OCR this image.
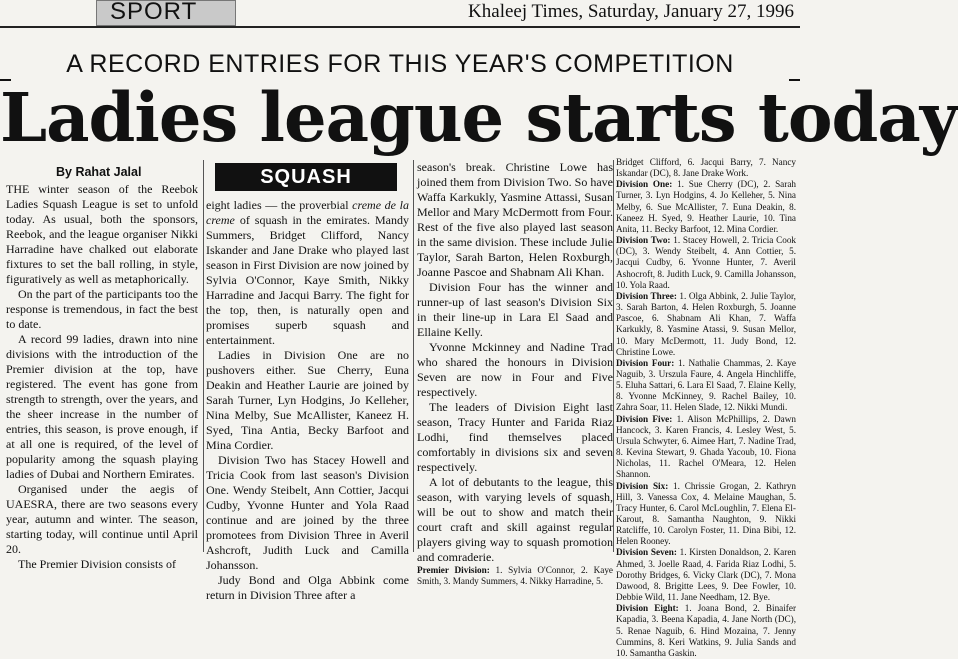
SPORT	Khaleej Times, Saturday, January 27, 1996
A RECORD ENTRIES FOR THIS YEAR'S COMPETITION
Ladies league starts today
By Rahat Jalal

THE winter season of the Reebok Ladies Squash League is set to unfold today. As usual, both the sponsors, Reebok, and the league organiser Nikki Harradine have chalked out elaborate fixtures to set the ball rolling, in style, figuratively as well as metaphorically.

On the part of the participants too the response is tremendous, in fact the best to date.

A record 99 ladies, drawn into nine divisions with the introduction of the Premier division at the top, have registered. The event has gone from strength to strength, over the years, and the sheer increase in the number of entries, this season, is prove enough, if at all one is required, of the level of popularity among the squash playing ladies of Dubai and Northern Emirates.

Organised under the aegis of UAESRA, there are two seasons every year, autumn and winter. The season, starting today, will continue until April 20.

The Premier Division consists of

SQUASH

eight ladies — the proverbial creme de la creme of squash in the emirates. Mandy Summers, Bridget Clifford, Nancy Iskander and Jane Drake who played last season in First Division are now joined by Sylvia O'Connor, Kaye Smith, Nikky Harradine and Jacqui Barry. The fight for the top, then, is naturally open and promises superb squash and entertainment.

Ladies in Division One are no pushovers either. Sue Cherry, Euna Deakin and Heather Laurie are joined by Sarah Turner, Lyn Hodgins, Jo Kelleher, Nina Melby, Sue McAllister, Kaneez H. Syed, Tina Antia, Becky Barfoot and Mina Cordier.

Division Two has Stacey Howell and Tricia Cook from last season's Division One. Wendy Steibelt, Ann Cottier, Jacqui Cudby, Yvonne Hunter and Yola Raad continue and are joined by the three promotees from Division Three in Averil Ashcroft, Judith Luck and Camilla Johansson.

Judy Bond and Olga Abbink come return in Division Three after a

season's break. Christine Lowe has joined them from Division Two. So have Waffa Karkukly, Yasmine Attassi, Susan Mellor and Mary McDermott from Four. Rest of the five also played last season in the same division. These include Julie Taylor, Sarah Barton, Helen Roxburgh, Joanne Pascoe and Shabnam Ali Khan.

Division Four has the winner and runner-up of last season's Division Six in their line-up in Lara El Saad and Ellaine Kelly.

Yvonne Mckinney and Nadine Trad who shared the honours in Division Seven are now in Four and Five respectively.

The leaders of Division Eight last season, Tracy Hunter and Farida Riaz Lodhi, find themselves placed comfortably in divisions six and seven respectively.

A lot of debutants to the league, this season, with varying levels of squash, will be out to show and match their court craft and skill against regular players giving way to squash promotion and comraderie.

Premier Division: 1. Sylvia O'Connor, 2. Kaye Smith, 3. Mandy Summers, 4. Nikky Harradine, 5.

Bridget Clifford, 6. Jacqui Barry, 7. Nancy Iskandar (DC), 8. Jane Drake Work.

Division One: 1. Sue Cherry (DC), 2. Sarah Turner, 3. Lyn Hodgins, 4. Jo Kelleher, 5. Nina Melby, 6. Sue McAllister, 7. Euna Deakin, 8. Kaneez H. Syed, 9. Heather Laurie, 10. Tina Anita, 11. Becky Barfoot, 12. Mina Cordier.

Division Two: 1. Stacey Howell, 2. Tricia Cook (DC), 3. Wendy Steibelt, 4. Ann Cottier, 5. Jacqui Cudby, 6. Yvonne Hunter, 7. Averil Ashocroft, 8. Judith Luck, 9. Camilla Johansson, 10. Yola Raad.

Division Three: 1. Olga Abbink, 2. Julie Taylor, 3. Sarah Barton, 4. Helen Roxburgh, 5. Joanne Pascoe, 6. Shabnam Ali Khan, 7. Waffa Karkukly, 8. Yasmine Atassi, 9. Susan Mellor, 10. Mary McDermott, 11. Judy Bond, 12. Christine Lowe.

Division Four: 1. Nathalie Chammas, 2. Kaye Naguib, 3. Urszula Faure, 4. Angela Hinchliffe, 5. Eluha Sattari, 6. Lara El Saad, 7. Elaine Kelly, 8. Yvonne McKinney, 9. Rachel Bailey, 10. Zahra Soar, 11. Helen Slade, 12. Nikki Mundi.

Division Five: 1. Alison McPhillips, 2. Dawn Hancock, 3. Karen Francis, 4. Lesley West, 5. Ursula Schwyter, 6. Aimee Hart, 7. Nadine Trad, 8. Kevina Stewart, 9. Ghada Yacoub, 10. Fiona Nicholas, 11. Rachel O'Meara, 12. Helen Shannon.

Division Six: 1. Chrissie Grogan, 2. Kathryn Hill, 3. Vanessa Cox, 4. Melaine Maughan, 5. Tracy Hunter, 6. Carol McLoughlin, 7. Elena El-Karout, 8. Samantha Naughton, 9. Nikki Ratcliffe, 10. Carolyn Foster, 11. Dina Bibi, 12. Helen Rooney.

Division Seven: 1. Kirsten Donaldson, 2. Karen Ahmed, 3. Joelle Raad, 4. Farida Riaz Lodhi, 5. Dorothy Bridges, 6. Vicky Clark (DC), 7. Mona Dawood, 8. Brigitte Lees, 9. Dee Fowler, 10. Debbie Wild, 11. Jane Needham, 12. Bye.

Division Eight: 1. Joana Bond, 2. Binaifer Kapadia, 3. Beena Kapadia, 4. Jane North (DC), 5. Renae Naguib, 6. Hind Mozaina, 7. Jenny Cummins, 8. Keri Watkins, 9. Julia Sands and 10. Samantha Gaskin.
